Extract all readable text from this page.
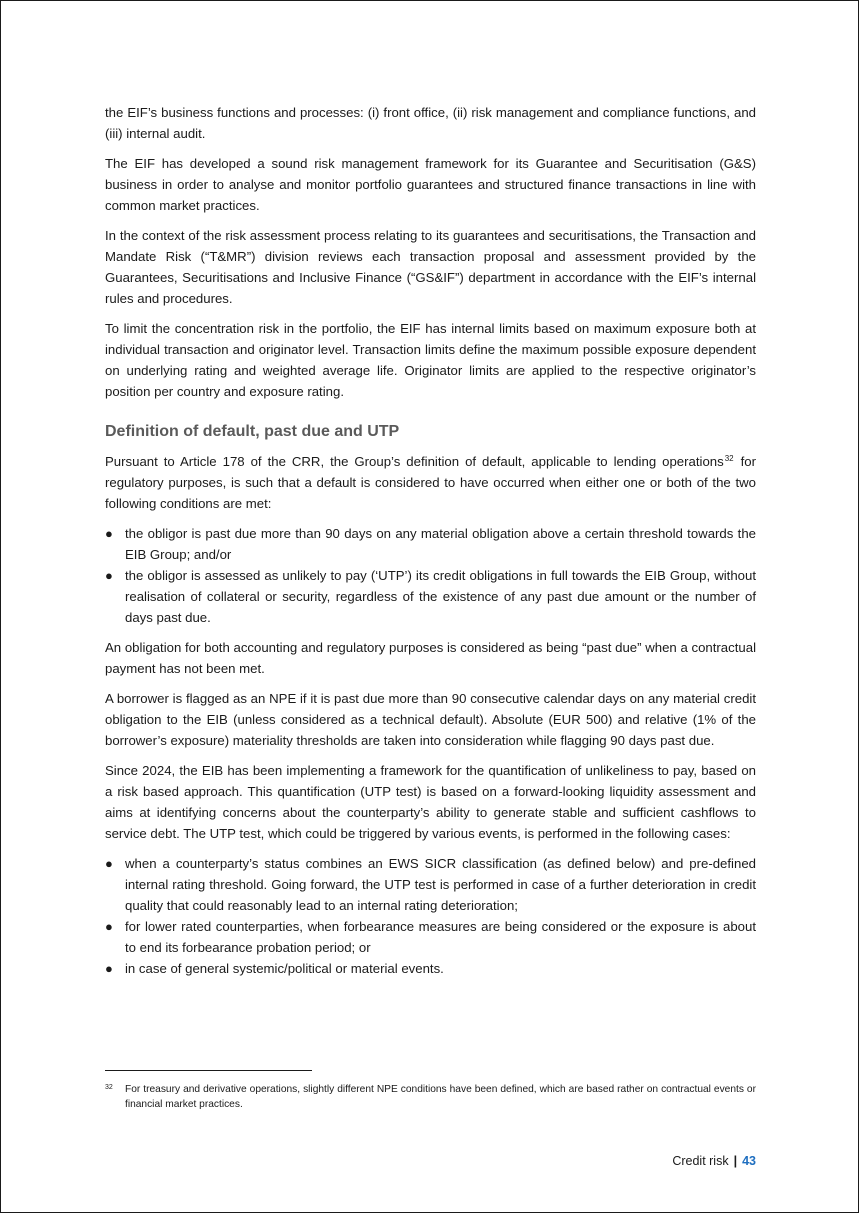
the EIF’s business functions and processes: (i) front office, (ii) risk management and compliance functions, and (iii) internal audit.

The EIF has developed a sound risk management framework for its Guarantee and Securitisation (G&S) business in order to analyse and monitor portfolio guarantees and structured finance transactions in line with common market practices.

In the context of the risk assessment process relating to its guarantees and securitisations, the Transaction and Mandate Risk (“T&MR”) division reviews each transaction proposal and assessment provided by the Guarantees, Securitisations and Inclusive Finance (“GS&IF”) department in accordance with the EIF’s internal rules and procedures.

To limit the concentration risk in the portfolio, the EIF has internal limits based on maximum exposure both at individual transaction and originator level. Transaction limits define the maximum possible exposure dependent on underlying rating and weighted average life. Originator limits are applied to the respective originator’s position per country and exposure rating.

Definition of default, past due and UTP

Pursuant to Article 178 of the CRR, the Group’s definition of default, applicable to lending operations$^{32}$ for regulatory purposes, is such that a default is considered to have occurred when either one or both of the two following conditions are met:

● the obligor is past due more than 90 days on any material obligation above a certain threshold towards the EIB Group; and/or
● the obligor is assessed as unlikely to pay (‘UTP’) its credit obligations in full towards the EIB Group, without realisation of collateral or security, regardless of the existence of any past due amount or the number of days past due.

An obligation for both accounting and regulatory purposes is considered as being “past due” when a contractual payment has not been met.

A borrower is flagged as an NPE if it is past due more than 90 consecutive calendar days on any material credit obligation to the EIB (unless considered as a technical default). Absolute (EUR 500) and relative (1% of the borrower’s exposure) materiality thresholds are taken into consideration while flagging 90 days past due.

Since 2024, the EIB has been implementing a framework for the quantification of unlikeliness to pay, based on a risk based approach. This quantification (UTP test) is based on a forward-looking liquidity assessment and aims at identifying concerns about the counterparty’s ability to generate stable and sufficient cashflows to service debt. The UTP test, which could be triggered by various events, is performed in the following cases:

● when a counterparty’s status combines an EWS SICR classification (as defined below) and pre-defined internal rating threshold. Going forward, the UTP test is performed in case of a further deterioration in credit quality that could reasonably lead to an internal rating deterioration;
● for lower rated counterparties, when forbearance measures are being considered or the exposure is about to end its forbearance probation period; or
● in case of general systemic/political or material events.
32	For treasury and derivative operations, slightly different NPE conditions have been defined, which are based rather on contractual events or financial market practices.
Credit risk | 43
